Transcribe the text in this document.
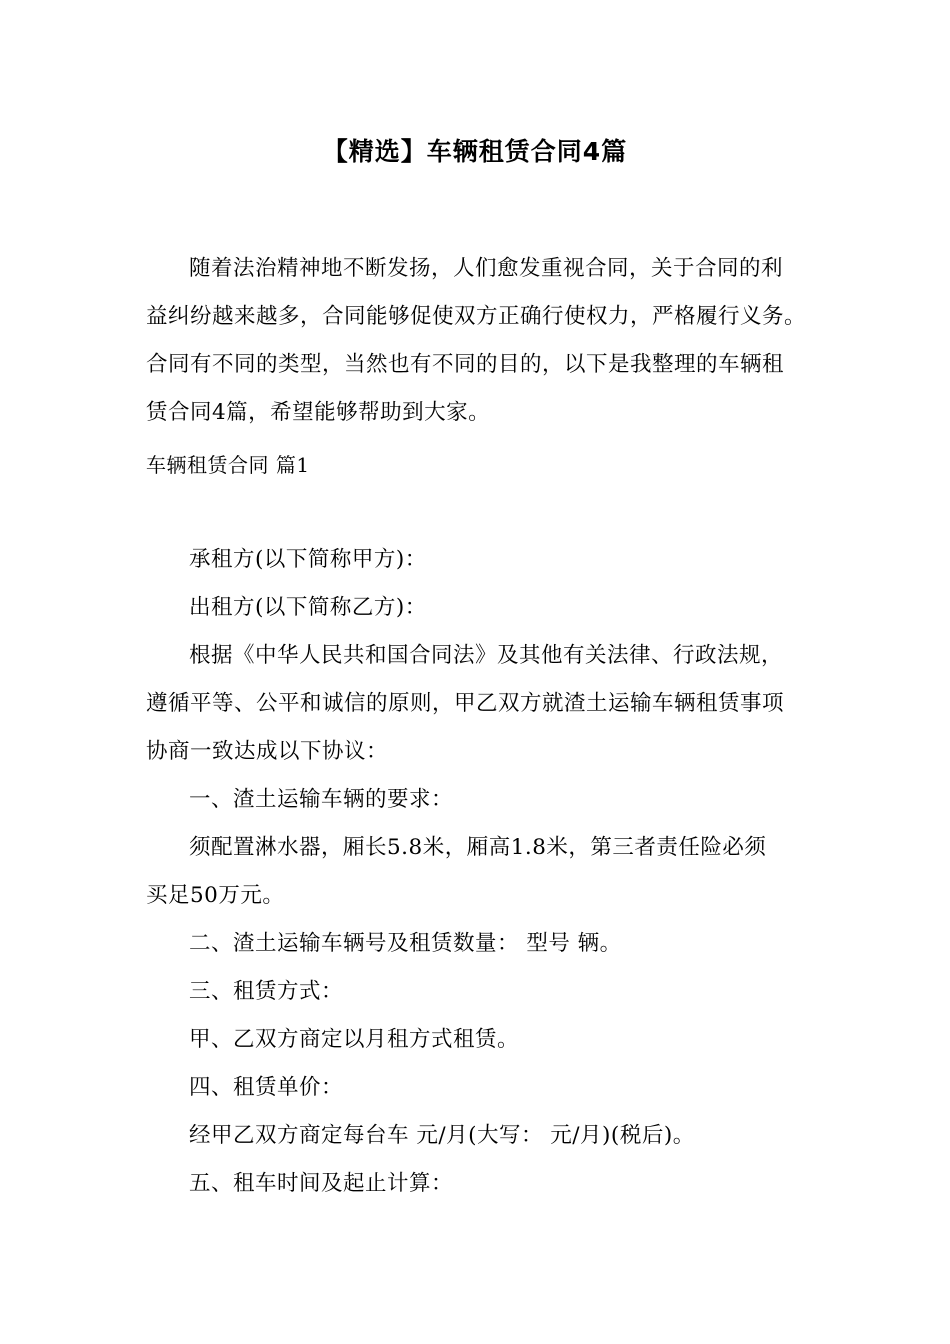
【精选】车辆租赁合同4篇
随着法治精神地不断发扬，人们愈发重视合同，关于合同的利
益纠纷越来越多，合同能够促使双方正确行使权力，严格履行义务。
合同有不同的类型，当然也有不同的目的，以下是我整理的车辆租
赁合同4篇，希望能够帮助到大家。
车辆租赁合同 篇1
承租方(以下简称甲方)：
出租方(以下简称乙方)：
根据《中华人民共和国合同法》及其他有关法律、行政法规，
遵循平等、公平和诚信的原则，甲乙双方就渣土运输车辆租赁事项
协商一致达成以下协议：
一、渣土运输车辆的要求：
须配置淋水器，厢长5.8米，厢高1.8米，第三者责任险必须
买足50万元。
二、渣土运输车辆号及租赁数量： 型号 辆。
三、租赁方式：
甲、乙双方商定以月租方式租赁。
四、租赁单价：
经甲乙双方商定每台车 元/月(大写： 元/月)(税后)。
五、租车时间及起止计算：
